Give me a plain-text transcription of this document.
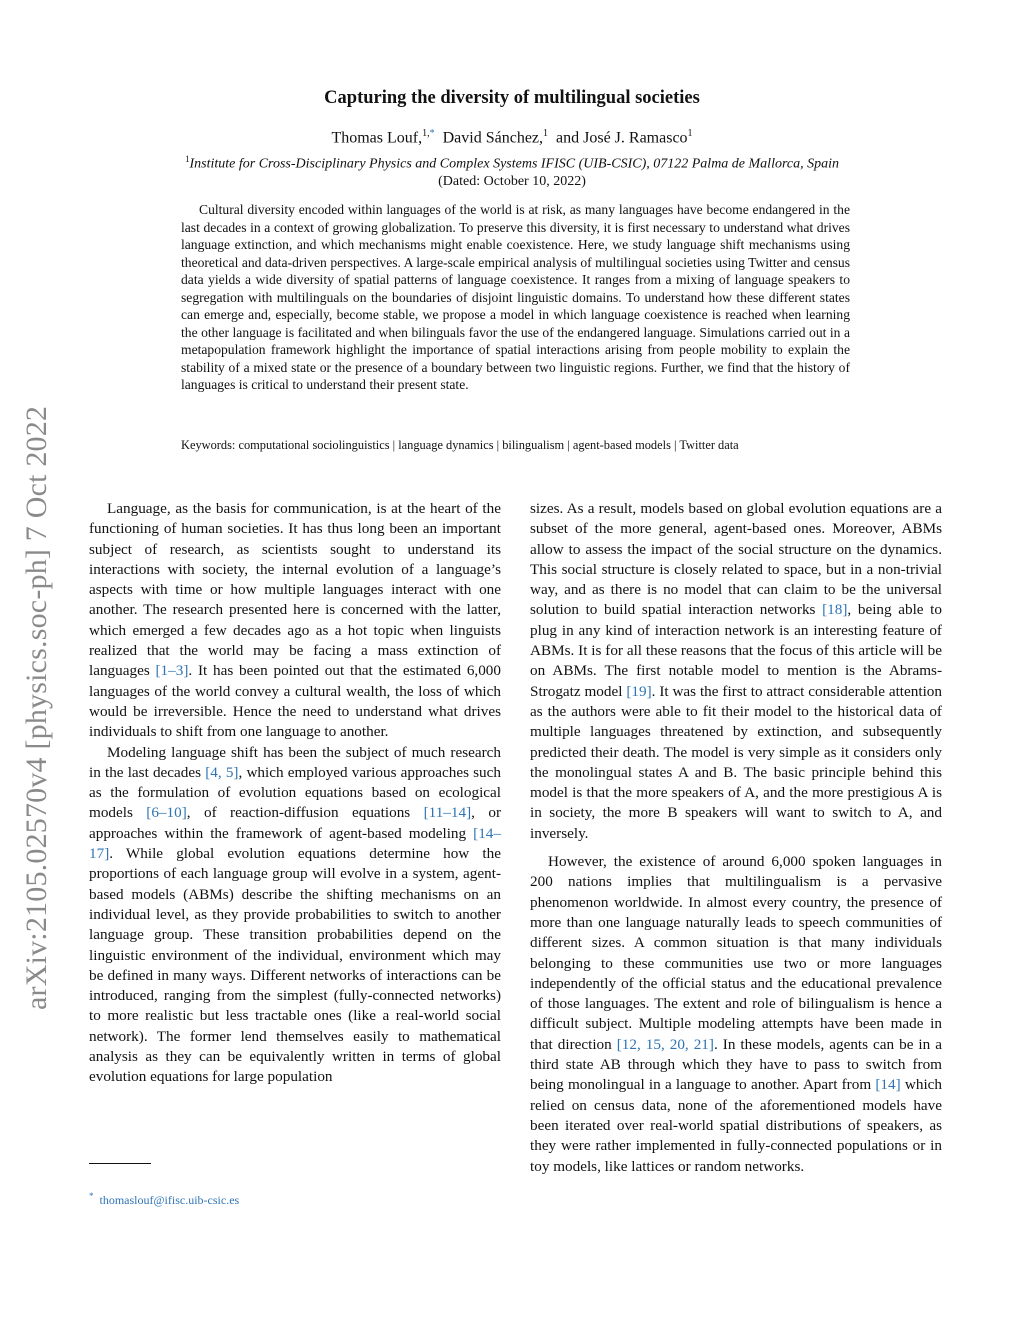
arXiv:2105.02570v4 [physics.soc-ph] 7 Oct 2022
Capturing the diversity of multilingual societies
Thomas Louf,$^{1,*}$ David Sánchez,$^1$ and José J. Ramasco$^1$
$^1$Institute for Cross-Disciplinary Physics and Complex Systems IFISC (UIB-CSIC), 07122 Palma de Mallorca, Spain
(Dated: October 10, 2022)

Cultural diversity encoded within languages of the world is at risk, as many languages have become endangered in the last decades in a context of growing globalization. To preserve this diversity, it is first necessary to understand what drives language extinction, and which mechanisms might enable coexistence. Here, we study language shift mechanisms using theoretical and data-driven perspectives. A large-scale empirical analysis of multilingual societies using Twitter and census data yields a wide diversity of spatial patterns of language coexistence. It ranges from a mixing of language speakers to segregation with multilinguals on the boundaries of disjoint linguistic domains. To understand how these different states can emerge and, especially, become stable, we propose a model in which language coexistence is reached when learning the other language is facilitated and when bilinguals favor the use of the endangered language. Simulations carried out in a metapopulation framework highlight the importance of spatial interactions arising from people mobility to explain the stability of a mixed state or the presence of a boundary between two linguistic regions. Further, we find that the history of languages is critical to understand their present state.

Keywords: computational sociolinguistics | language dynamics | bilingualism | agent-based models | Twitter data

Language, as the basis for communication, is at the heart of the functioning of human societies. It has thus long been an important subject of research, as scientists sought to understand its interactions with society, the internal evolution of a language’s aspects with time or how multiple languages interact with one another. The research presented here is concerned with the latter, which emerged a few decades ago as a hot topic when linguists realized that the world may be facing a mass extinction of languages [1–3]. It has been pointed out that the estimated 6,000 languages of the world convey a cultural wealth, the loss of which would be irreversible. Hence the need to understand what drives individuals to shift from one language to another.

Modeling language shift has been the subject of much research in the last decades [4, 5], which employed various approaches such as the formulation of evolution equations based on ecological models [6–10], of reaction-diffusion equations [11–14], or approaches within the framework of agent-based modeling [14–17]. While global evolution equations determine how the proportions of each language group will evolve in a system, agent-based models (ABMs) describe the shifting mechanisms on an individual level, as they provide probabilities to switch to another language group. These transition probabilities depend on the linguistic environment of the individual, environment which may be defined in many ways. Different networks of interactions can be introduced, ranging from the simplest (fully-connected networks) to more realistic but less tractable ones (like a real-world social network). The former lend themselves easily to mathematical analysis as they can be equivalently written in terms of global evolution equations for large population

sizes. As a result, models based on global evolution equations are a subset of the more general, agent-based ones. Moreover, ABMs allow to assess the impact of the social structure on the dynamics. This social structure is closely related to space, but in a non-trivial way, and as there is no model that can claim to be the universal solution to build spatial interaction networks [18], being able to plug in any kind of interaction network is an interesting feature of ABMs. It is for all these reasons that the focus of this article will be on ABMs. The first notable model to mention is the Abrams-Strogatz model [19]. It was the first to attract considerable attention as the authors were able to fit their model to the historical data of multiple languages threatened by extinction, and subsequently predicted their death. The model is very simple as it considers only the monolingual states A and B. The basic principle behind this model is that the more speakers of A, and the more prestigious A is in society, the more B speakers will want to switch to A, and inversely.

However, the existence of around 6,000 spoken languages in 200 nations implies that multilingualism is a pervasive phenomenon worldwide. In almost every country, the presence of more than one language naturally leads to speech communities of different sizes. A common situation is that many individuals belonging to these communities use two or more languages independently of the official status and the educational prevalence of those languages. The extent and role of bilingualism is hence a difficult subject. Multiple modeling attempts have been made in that direction [12, 15, 20, 21]. In these models, agents can be in a third state AB through which they have to pass to switch from being monolingual in a language to another. Apart from [14] which relied on census data, none of the aforementioned models have been iterated over real-world spatial distributions of speakers, as they were rather implemented in fully-connected populations or in toy models, like lattices or random networks.

* thomaslouf@ifisc.uib-csic.es
